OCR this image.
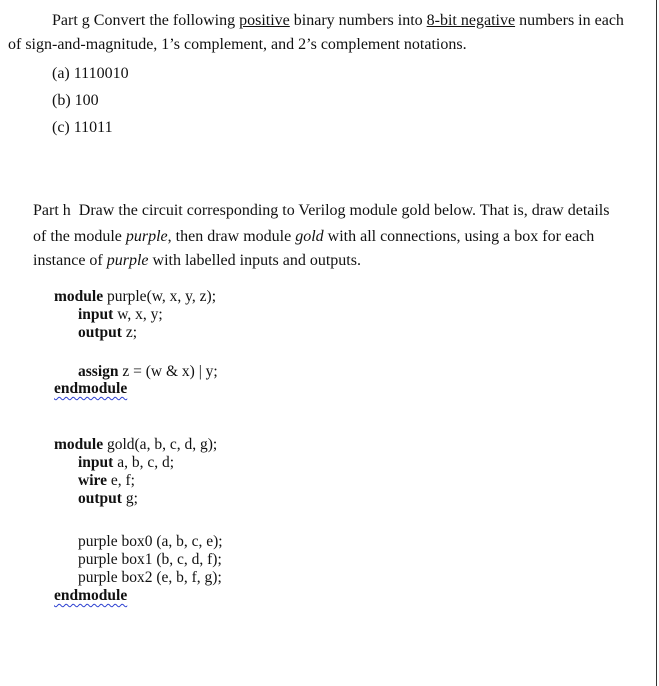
Part g Convert the following positive binary numbers into 8-bit negative numbers in each
of sign-and-magnitude, 1’s complement, and 2’s complement notations.
(a) 1110010
(b) 100
(c) 11011
Part h Draw the circuit corresponding to Verilog module gold below. That is, draw details
of the module purple, then draw module gold with all connections, using a box for each
instance of purple with labelled inputs and outputs.
module purple(w, x, y, z);
input w, x, y;
output z;
assign z = (w & x) | y;
endmodule
module gold(a, b, c, d, g);
input a, b, c, d;
wire e, f;
output g;
purple box0 (a, b, c, e);
purple box1 (b, c, d, f);
purple box2 (e, b, f, g);
endmodule
